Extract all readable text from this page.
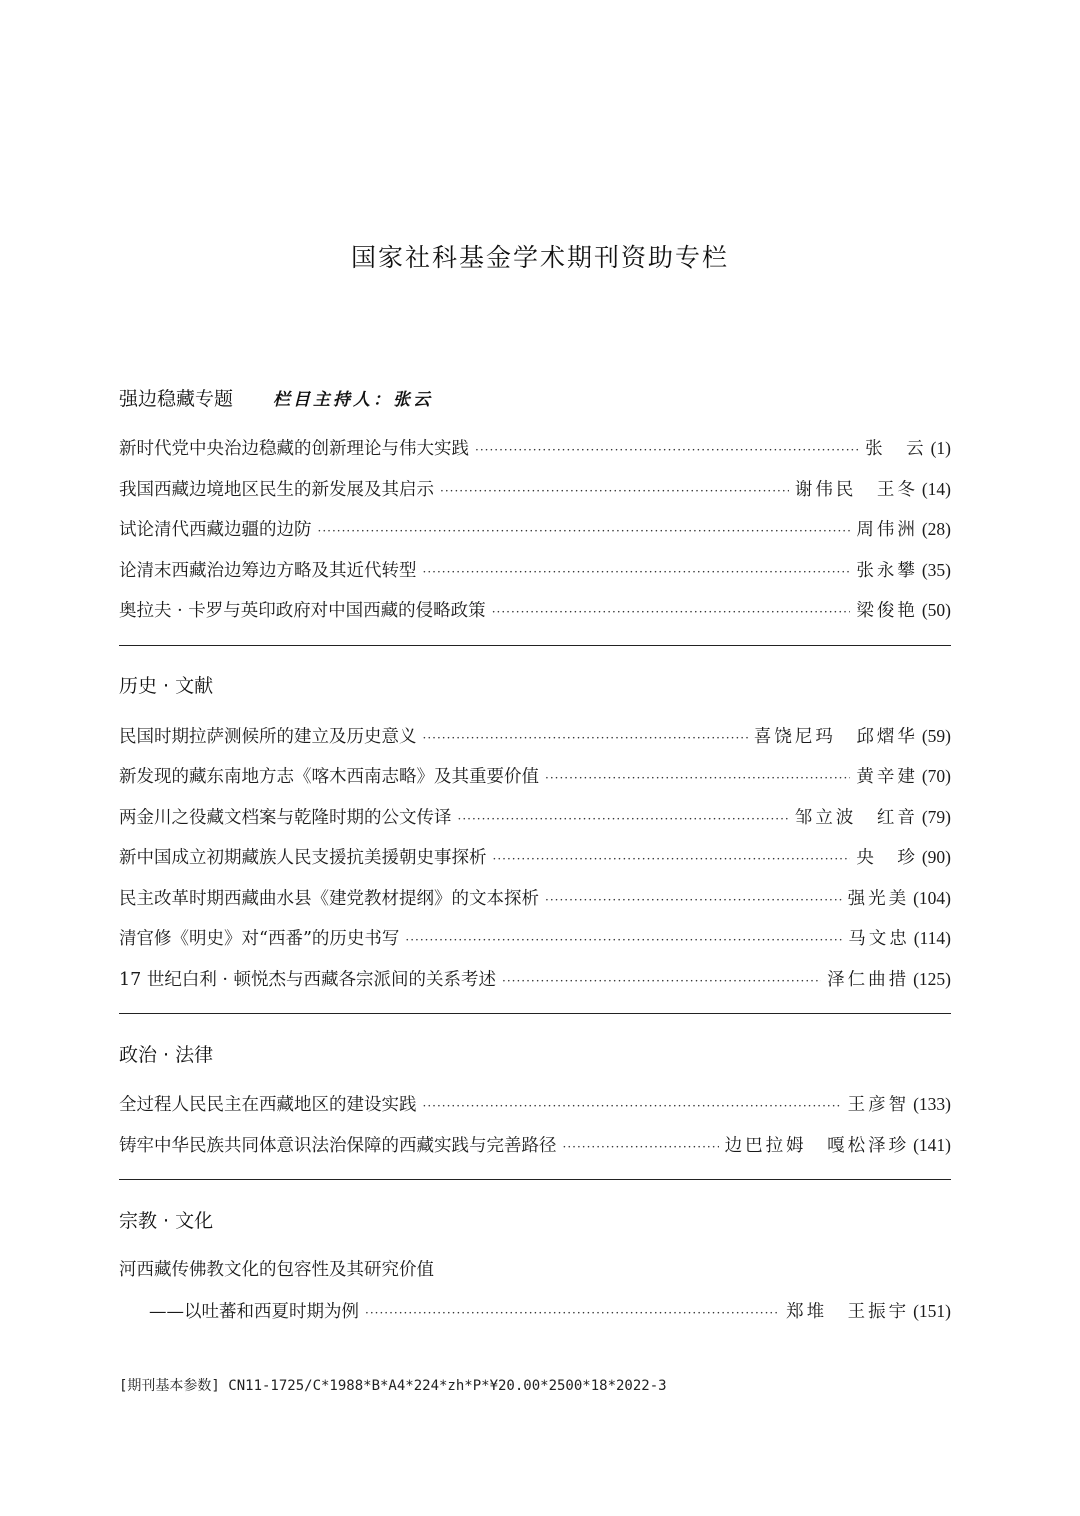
国家社科基金学术期刊资助专栏
强边稳藏专题 栏目主持人：张云
新时代党中央治边稳藏的创新理论与伟大实践 ·····	张　云 (1)
我国西藏边境地区民生的新发展及其启示 ·····	谢伟民　王冬 (14)
试论清代西藏边疆的边防 ·····	周伟洲 (28)
论清末西藏治边筹边方略及其近代转型 ·····	张永攀 (35)
奥拉夫 · 卡罗与英印政府对中国西藏的侵略政策 ·····	梁俊艳 (50)
历史 · 文献
民国时期拉萨测候所的建立及历史意义 ·····	喜饶尼玛　邱熠华 (59)
新发现的藏东南地方志《喀木西南志略》及其重要价值 ·····	黄辛建 (70)
两金川之役藏文档案与乾隆时期的公文传译 ·····	邹立波　红音 (79)
新中国成立初期藏族人民支援抗美援朝史事探析 ·····	央　珍 (90)
民主改革时期西藏曲水县《建党教材提纲》的文本探析 ·····	强光美 (104)
清官修《明史》对“西番”的历史书写 ·····	马文忠 (114)
17 世纪白利 · 顿悦杰与西藏各宗派间的关系考述 ·····	泽仁曲措 (125)
政治 · 法律
全过程人民民主在西藏地区的建设实践 ·····	王彦智 (133)
铸牢中华民族共同体意识法治保障的西藏实践与完善路径 ·····	边巴拉姆　嘎松泽珍 (141)
宗教 · 文化
河西藏传佛教文化的包容性及其研究价值
——以吐蕃和西夏时期为例 ·····	郑堆　王振宇 (151)
[期刊基本参数] CN11-1725/C*1988*B*A4*224*zh*P*¥20.00*2500*18*2022-3
